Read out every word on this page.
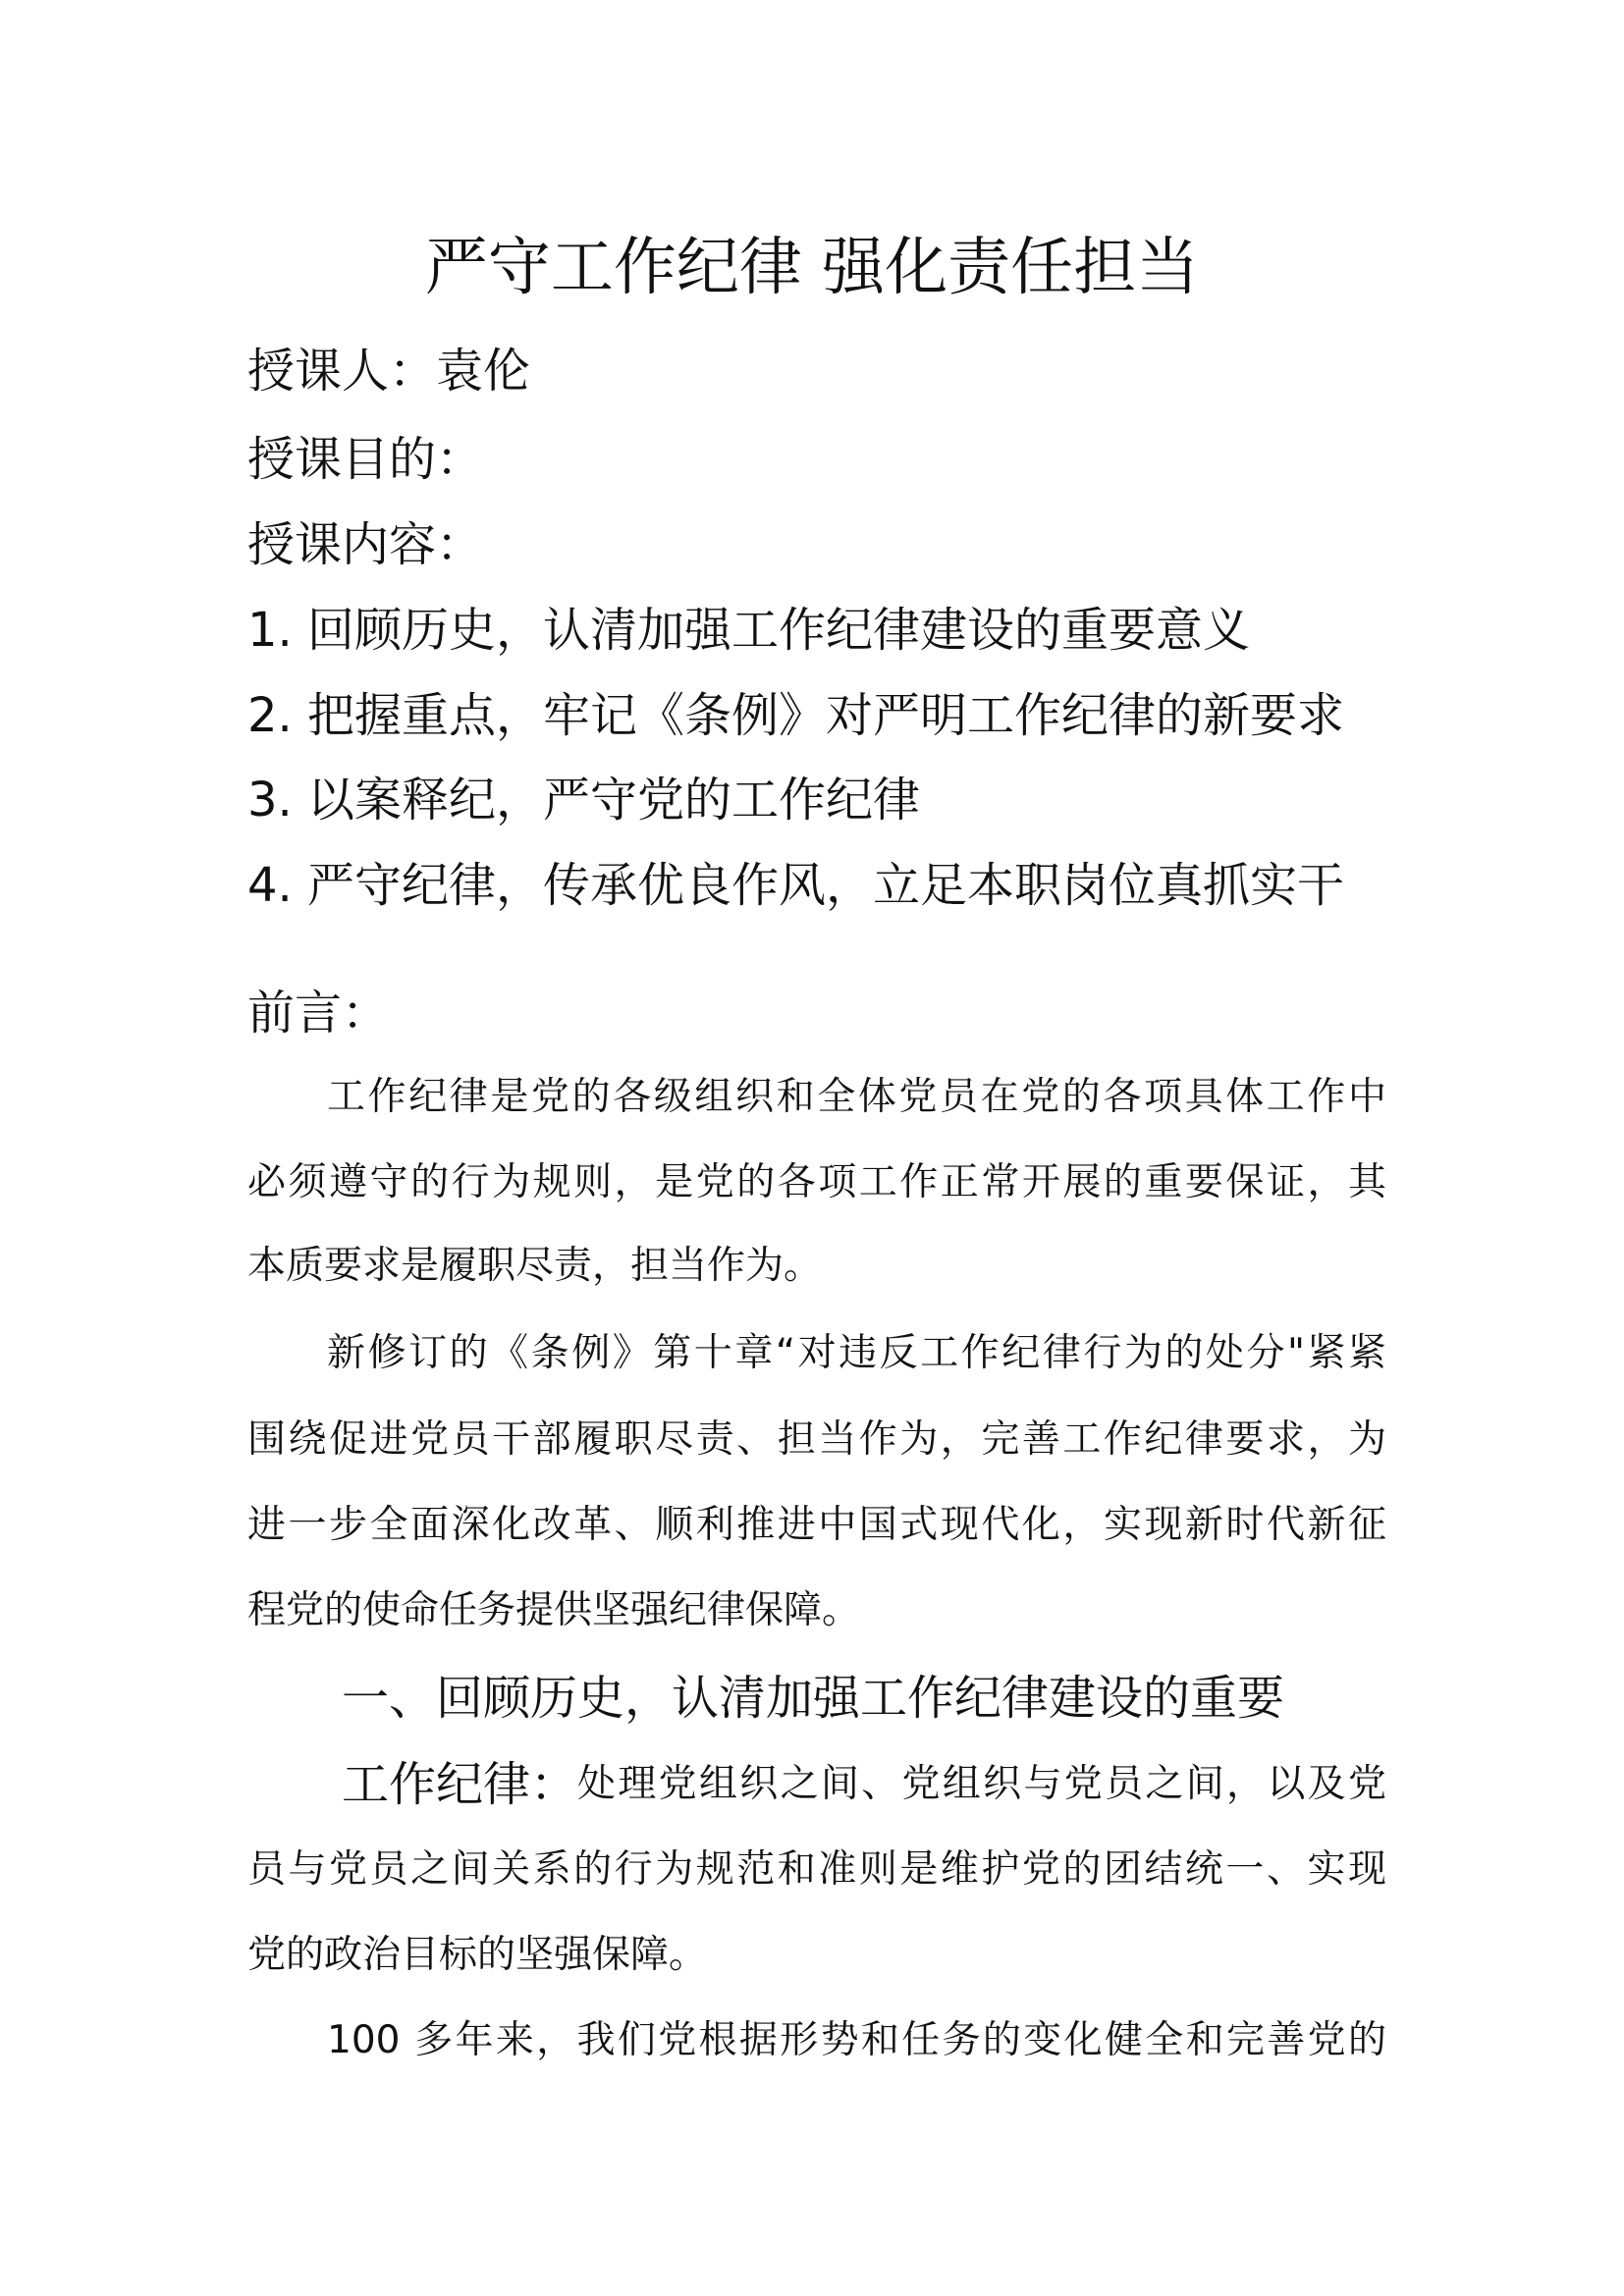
严守工作纪律 强化责任担当
授课人：袁伦
授课目的：
授课内容：
1. 回顾历史，认清加强工作纪律建设的重要意义
2. 把握重点，牢记《条例》对严明工作纪律的新要求
3. 以案释纪，严守党的工作纪律
4. 严守纪律，传承优良作风，立足本职岗位真抓实干
前言：
工作纪律是党的各级组织和全体党员在党的各项具体工作中
必须遵守的行为规则，是党的各项工作正常开展的重要保证，其
本质要求是履职尽责，担当作为。
新修订的《条例》第十章“对违反工作纪律行为的处分"紧紧
围绕促进党员干部履职尽责、担当作为，完善工作纪律要求，为
进一步全面深化改革、顺利推进中国式现代化，实现新时代新征
程党的使命任务提供坚强纪律保障。
一、回顾历史，认清加强工作纪律建设的重要
工作纪律： 处理党组织之间、党组织与党员之间，以及党
员与党员之间关系的行为规范和准则是维护党的团结统一、实现
党的政治目标的坚强保障。
100 多年来，我们党根据形势和任务的变化健全和完善党的
